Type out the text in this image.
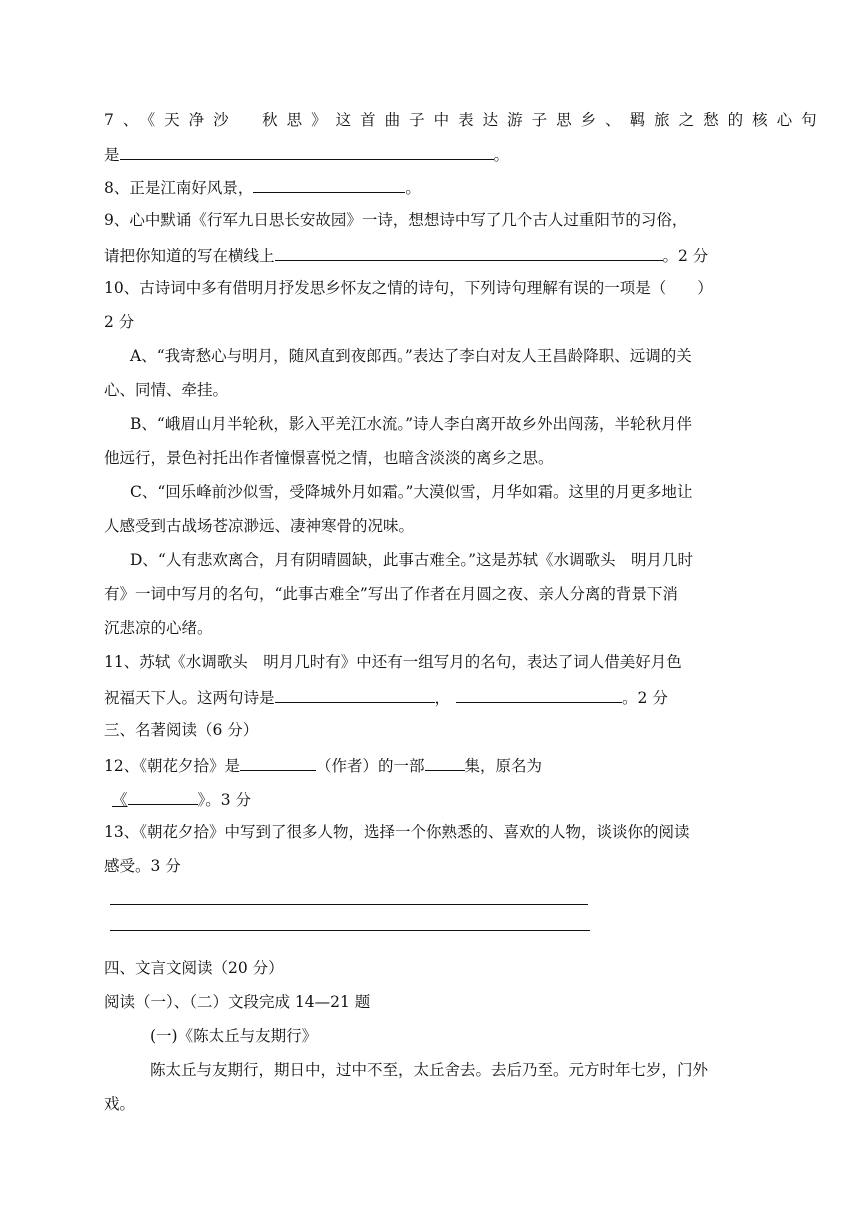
7、《天净沙　秋思》这首曲子中表达游子思乡、羁旅之愁的核心句
是	。
8、正是江南好风景，	。
9、心中默诵《行军九日思长安故园》一诗，想想诗中写了几个古人过重阳节的习俗，
请把你知道的写在横线上	。2 分
10、古诗词中多有借明月抒发思乡怀友之情的诗句，下列诗句理解有误的一项是（　　）
2 分
A、“我寄愁心与明月，随风直到夜郎西。”表达了李白对友人王昌龄降职、远调的关
心、同情、牵挂。
B、“峨眉山月半轮秋，影入平羌江水流。”诗人李白离开故乡外出闯荡，半轮秋月伴
他远行，景色衬托出作者憧憬喜悦之情，也暗含淡淡的离乡之思。
C、“回乐峰前沙似雪，受降城外月如霜。”大漠似雪，月华如霜。这里的月更多地让
人感受到古战场苍凉渺远、凄神寒骨的况味。
D、“人有悲欢离合，月有阴晴圆缺，此事古难全。”这是苏轼《水调歌头　明月几时
有》一词中写月的名句，“此事古难全”写出了作者在月圆之夜、亲人分离的背景下消
沉悲凉的心绪。
11、苏轼《水调歌头　明月几时有》中还有一组写月的名句，表达了词人借美好月色
祝福天下人。这两句诗是	，	。2 分
三、名著阅读（6 分）
12、《朝花夕拾》是	（作者）的一部	集，原名为
《	》。3 分
13、《朝花夕拾》中写到了很多人物，选择一个你熟悉的、喜欢的人物，谈谈你的阅读
感受。3 分
四、文言文阅读（20 分）
阅读（一）、（二）文段完成 14—21 题
(一)《陈太丘与友期行》
陈太丘与友期行，期日中，过中不至，太丘舍去。去后乃至。元方时年七岁，门外
戏。
